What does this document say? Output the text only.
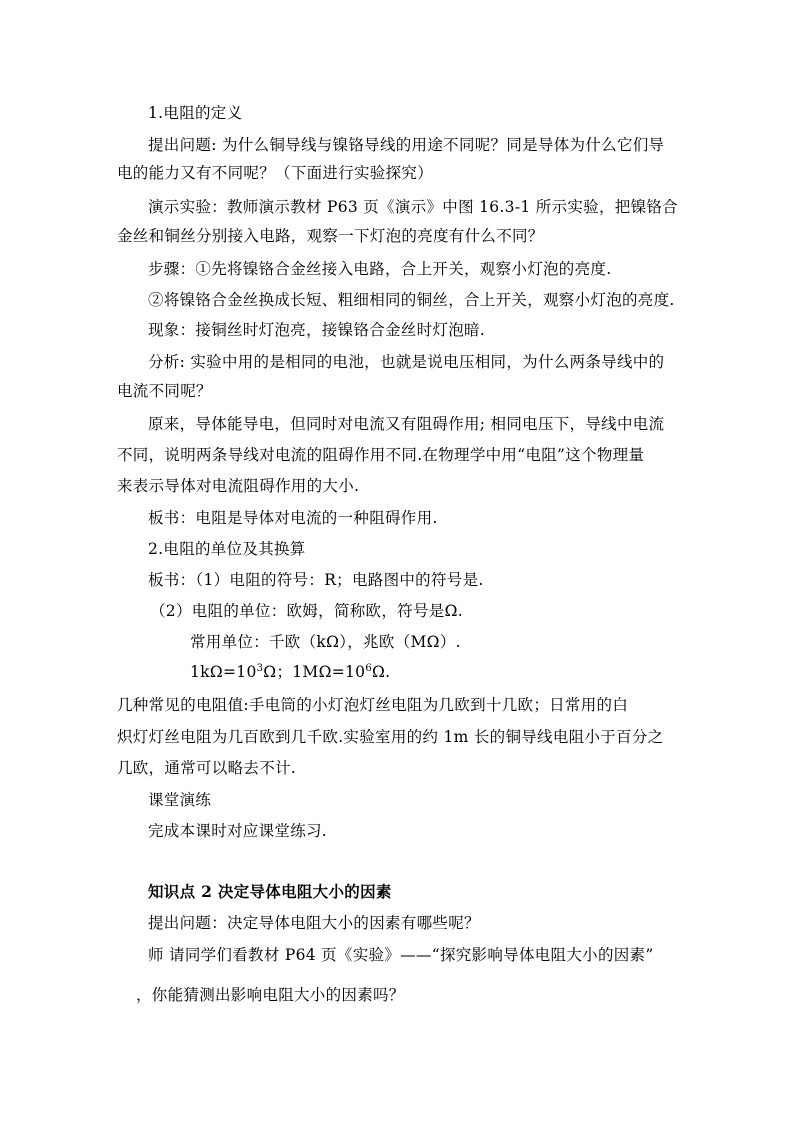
1.电阻的定义
提出问题: 为什么铜导线与镍铬导线的用途不同呢？同是导体为什么它们导
电的能力又有不同呢？（下面进行实验探究）
演示实验：教师演示教材 P63 页《演示》中图 16.3-1 所示实验，把镍铬合
金丝和铜丝分别接入电路，观察一下灯泡的亮度有什么不同？
步骤：①先将镍铬合金丝接入电路，合上开关，观察小灯泡的亮度.
②将镍铬合金丝换成长短、粗细相同的铜丝，合上开关，观察小灯泡的亮度.
现象：接铜丝时灯泡亮，接镍铬合金丝时灯泡暗.
分析: 实验中用的是相同的电池，也就是说电压相同，为什么两条导线中的
电流不同呢？
原来，导体能导电，但同时对电流又有阻碍作用; 相同电压下，导线中电流
不同，说明两条导线对电流的阻碍作用不同.在物理学中用“电阻”这个物理量
来表示导体对电流阻碍作用的大小.
板书：电阻是导体对电流的一种阻碍作用.
2.电阻的单位及其换算
板书：（1）电阻的符号：R；电路图中的符号是.
（2）电阻的单位：欧姆，简称欧，符号是Ω.
常用单位：千欧（kΩ），兆欧（MΩ）.
$1k\Omega=10^3\Omega$；$1M\Omega=10^6\Omega$.
几种常见的电阻值:手电筒的小灯泡灯丝电阻为几欧到十几欧；日常用的白
炽灯灯丝电阻为几百欧到几千欧.实验室用的约 1m 长的铜导线电阻小于百分之
几欧，通常可以略去不计.
课堂演练
完成本课时对应课堂练习.
知识点 2 决定导体电阻大小的因素
提出问题：决定导体电阻大小的因素有哪些呢？
师 请同学们看教材 P64 页《实验》——“探究影响导体电阻大小的因素”
，你能猜测出影响电阻大小的因素吗？
